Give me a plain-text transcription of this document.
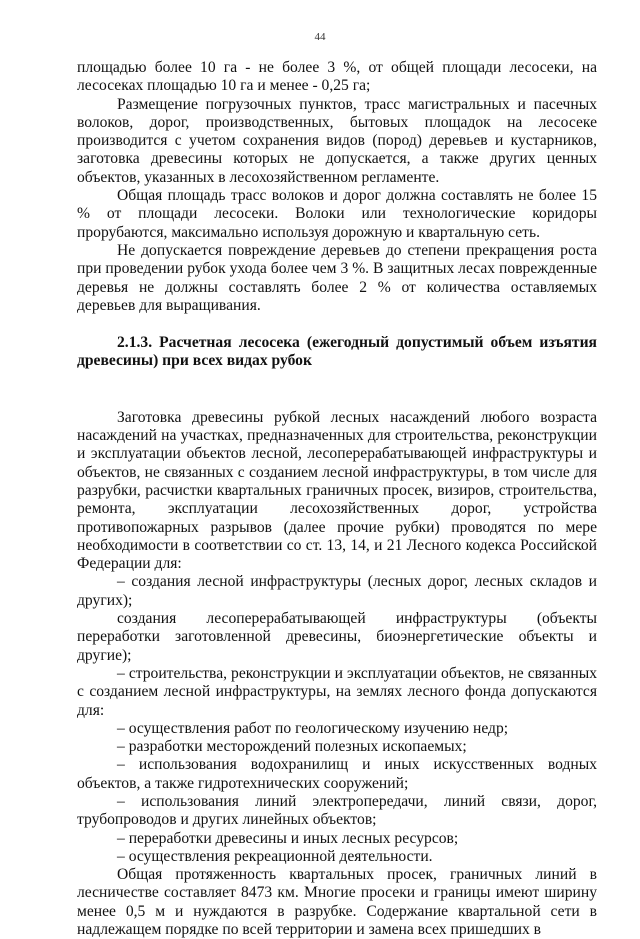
44

площадью более 10 га - не более 3 %, от общей площади лесосеки, на лесосеках площадью 10 га и менее - 0,25 га;

Размещение погрузочных пунктов, трасс магистральных и пасечных волоков, дорог, производственных, бытовых площадок на лесосеке производится с учетом сохранения видов (пород) деревьев и кустарников, заготовка древесины которых не допускается, а также других ценных объектов, указанных в лесохозяйственном регламенте.

Общая площадь трасс волоков и дорог должна составлять не более 15 % от площади лесосеки. Волоки или технологические коридоры прорубаются, максимально используя дорожную и квартальную сеть.

Не допускается повреждение деревьев до степени прекращения роста при проведении рубок ухода более чем 3 %. В защитных лесах поврежденные деревья не должны составлять более 2 % от количества оставляемых деревьев для выращивания.

2.1.3. Расчетная лесосека (ежегодный допустимый объем изъятия древесины) при всех видах рубок

Заготовка древесины рубкой лесных насаждений любого возраста насаждений на участках, предназначенных для строительства, реконструкции и эксплуатации объектов лесной, лесоперерабатывающей инфраструктуры и объектов, не связанных с созданием лесной инфраструктуры, в том числе для разрубки, расчистки квартальных граничных просек, визиров, строительства, ремонта, эксплуатации лесохозяйственных дорог, устройства противопожарных разрывов (далее прочие рубки) проводятся по мере необходимости в соответствии со ст. 13, 14, и 21 Лесного кодекса Российской Федерации для:

– создания лесной инфраструктуры (лесных дорог, лесных складов и других);

создания лесоперерабатывающей инфраструктуры (объекты переработки заготовленной древесины, биоэнергетические объекты и другие);

– строительства, реконструкции и эксплуатации объектов, не связанных с созданием лесной инфраструктуры, на землях лесного фонда допускаются для:

– осуществления работ по геологическому изучению недр;

– разработки месторождений полезных ископаемых;

– использования водохранилищ и иных искусственных водных объектов, а также гидротехнических сооружений;

– использования линий электропередачи, линий связи, дорог, трубопроводов и других линейных объектов;

– переработки древесины и иных лесных ресурсов;

– осуществления рекреационной деятельности.

Общая протяженность квартальных просек, граничных линий в лесничестве составляет 8473 км. Многие просеки и границы имеют ширину менее 0,5 м и нуждаются в разрубке. Содержание квартальной сети в надлежащем порядке по всей территории и замена всех пришедших в
